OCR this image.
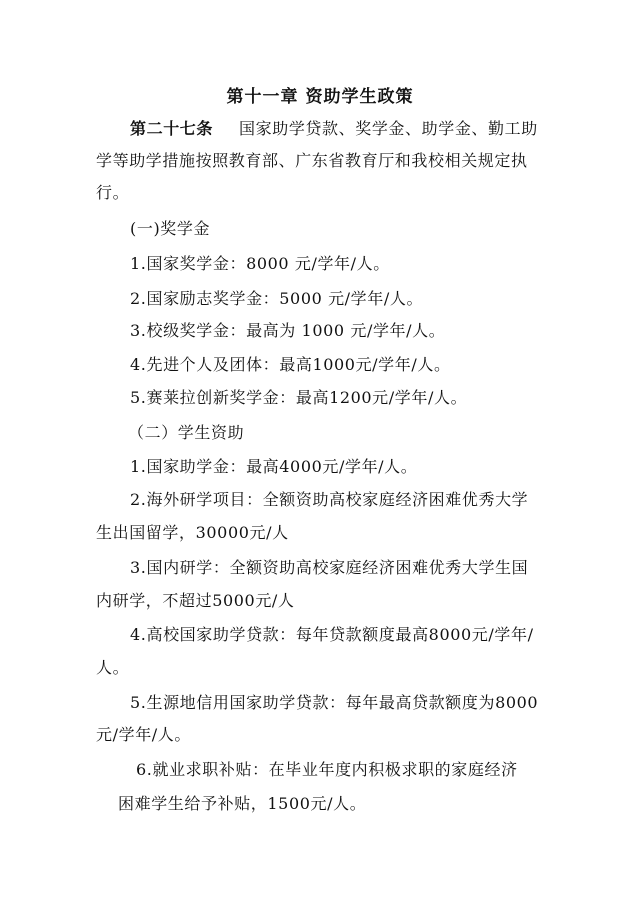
第十一章 资助学生政策
第二十七条 国家助学贷款、奖学金、助学金、勤工助
学等助学措施按照教育部、广东省教育厅和我校相关规定执
行。
(一)奖学金
1.国家奖学金：8000 元/学年/人。
2.国家励志奖学金：5000 元/学年/人。
3.校级奖学金：最高为 1000 元/学年/人。
4.先进个人及团体：最高1000元/学年/人。
5.赛莱拉创新奖学金：最高1200元/学年/人。
（二）学生资助
1.国家助学金：最高4000元/学年/人。
2.海外研学项目：全额资助高校家庭经济困难优秀大学
生出国留学，30000元/人
3.国内研学：全额资助高校家庭经济困难优秀大学生国
内研学，不超过5000元/人
4.高校国家助学贷款：每年贷款额度最高8000元/学年/
人。
5.生源地信用国家助学贷款：每年最高贷款额度为8000
元/学年/人。
6.就业求职补贴：在毕业年度内积极求职的家庭经济
困难学生给予补贴，1500元/人。
